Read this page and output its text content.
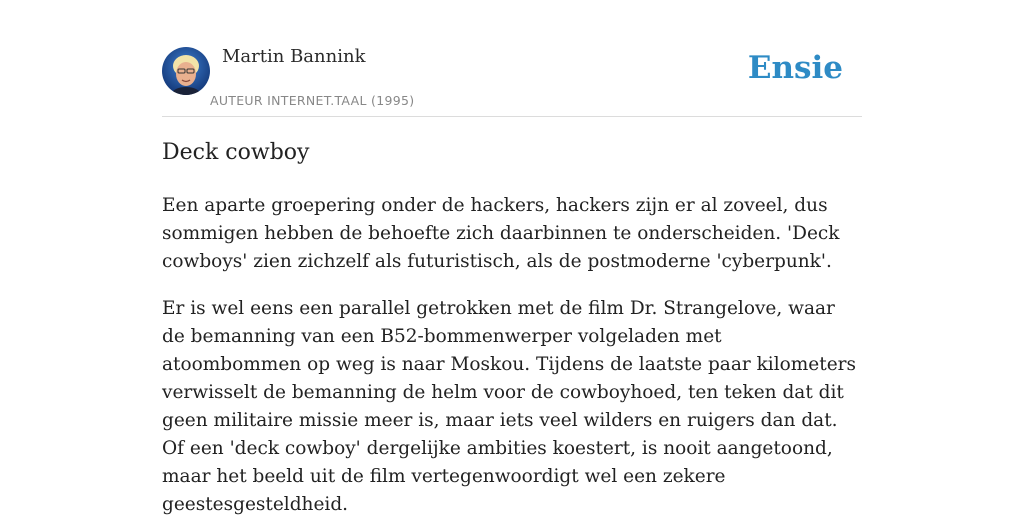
Martin Bannink
AUTEUR INTERNET.TAAL (1995)
Ensie
Deck cowboy

Een aparte groepering onder de hackers, hackers zijn er al zoveel, dus sommigen hebben de behoefte zich daarbinnen te onderscheiden. 'Deck cowboys' zien zichzelf als futuristisch, als de postmoderne 'cyberpunk'.

Er is wel eens een parallel getrokken met de film Dr. Strangelove, waar de bemanning van een B52-bommenwerper volgeladen met atoombommen op weg is naar Moskou. Tijdens de laatste paar kilometers verwisselt de bemanning de helm voor de cowboyhoed, ten teken dat dit geen militaire missie meer is, maar iets veel wilders en ruigers dan dat. Of een 'deck cowboy' dergelijke ambities koestert, is nooit aangetoond, maar het beeld uit de film vertegenwoordigt wel een zekere geestesgesteldheid.
